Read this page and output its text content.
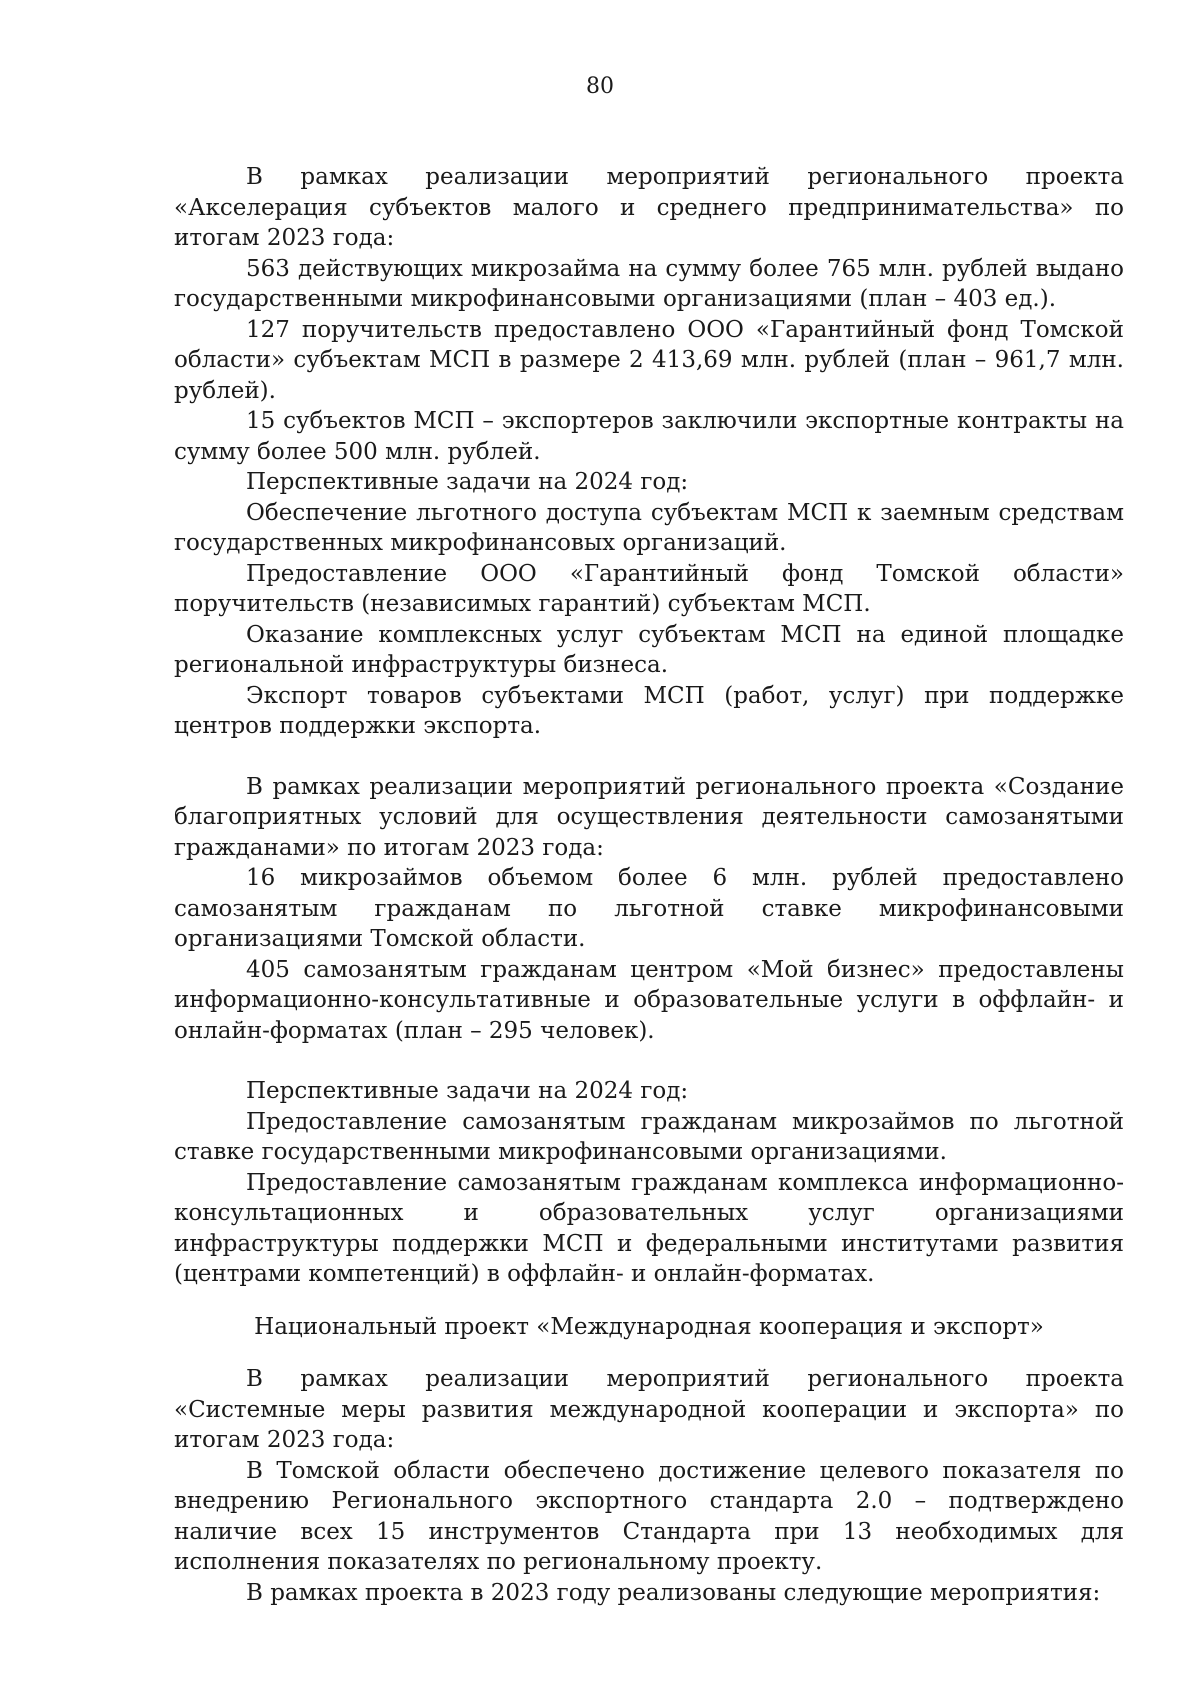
80

В рамках реализации мероприятий регионального проекта «Акселерация субъектов малого и среднего предпринимательства» по итогам 2023 года:

563 действующих микрозайма на сумму более 765 млн. рублей выдано государственными микрофинансовыми организациями (план – 403 ед.).

127 поручительств предоставлено ООО «Гарантийный фонд Томской области» субъектам МСП в размере 2 413,69 млн. рублей (план – 961,7 млн. рублей).

15 субъектов МСП – экспортеров заключили экспортные контракты на сумму более 500 млн. рублей.

Перспективные задачи на 2024 год:

Обеспечение льготного доступа субъектам МСП к заемным средствам государственных микрофинансовых организаций.

Предоставление ООО «Гарантийный фонд Томской области» поручительств (независимых гарантий) субъектам МСП.

Оказание комплексных услуг субъектам МСП на единой площадке региональной инфраструктуры бизнеса.

Экспорт товаров субъектами МСП (работ, услуг) при поддержке центров поддержки экспорта.

В рамках реализации мероприятий регионального проекта «Создание благоприятных условий для осуществления деятельности самозанятыми гражданами» по итогам 2023 года:

16 микрозаймов объемом более 6 млн. рублей предоставлено самозанятым гражданам по льготной ставке микрофинансовыми организациями Томской области.

405 самозанятым гражданам центром «Мой бизнес» предоставлены информационно-консультативные и образовательные услуги в оффлайн- и онлайн-форматах (план – 295 человек).

Перспективные задачи на 2024 год:

Предоставление самозанятым гражданам микрозаймов по льготной ставке государственными микрофинансовыми организациями.

Предоставление самозанятым гражданам комплекса информационно-консультационных и образовательных услуг организациями инфраструктуры поддержки МСП и федеральными институтами развития (центрами компетенций) в оффлайн- и онлайн-форматах.

Национальный проект «Международная кооперация и экспорт»

В рамках реализации мероприятий регионального проекта «Системные меры развития международной кооперации и экспорта» по итогам 2023 года:

В Томской области обеспечено достижение целевого показателя по внедрению Регионального экспортного стандарта 2.0 – подтверждено наличие всех 15 инструментов Стандарта при 13 необходимых для исполнения показателях по региональному проекту.

В рамках проекта в 2023 году реализованы следующие мероприятия:
